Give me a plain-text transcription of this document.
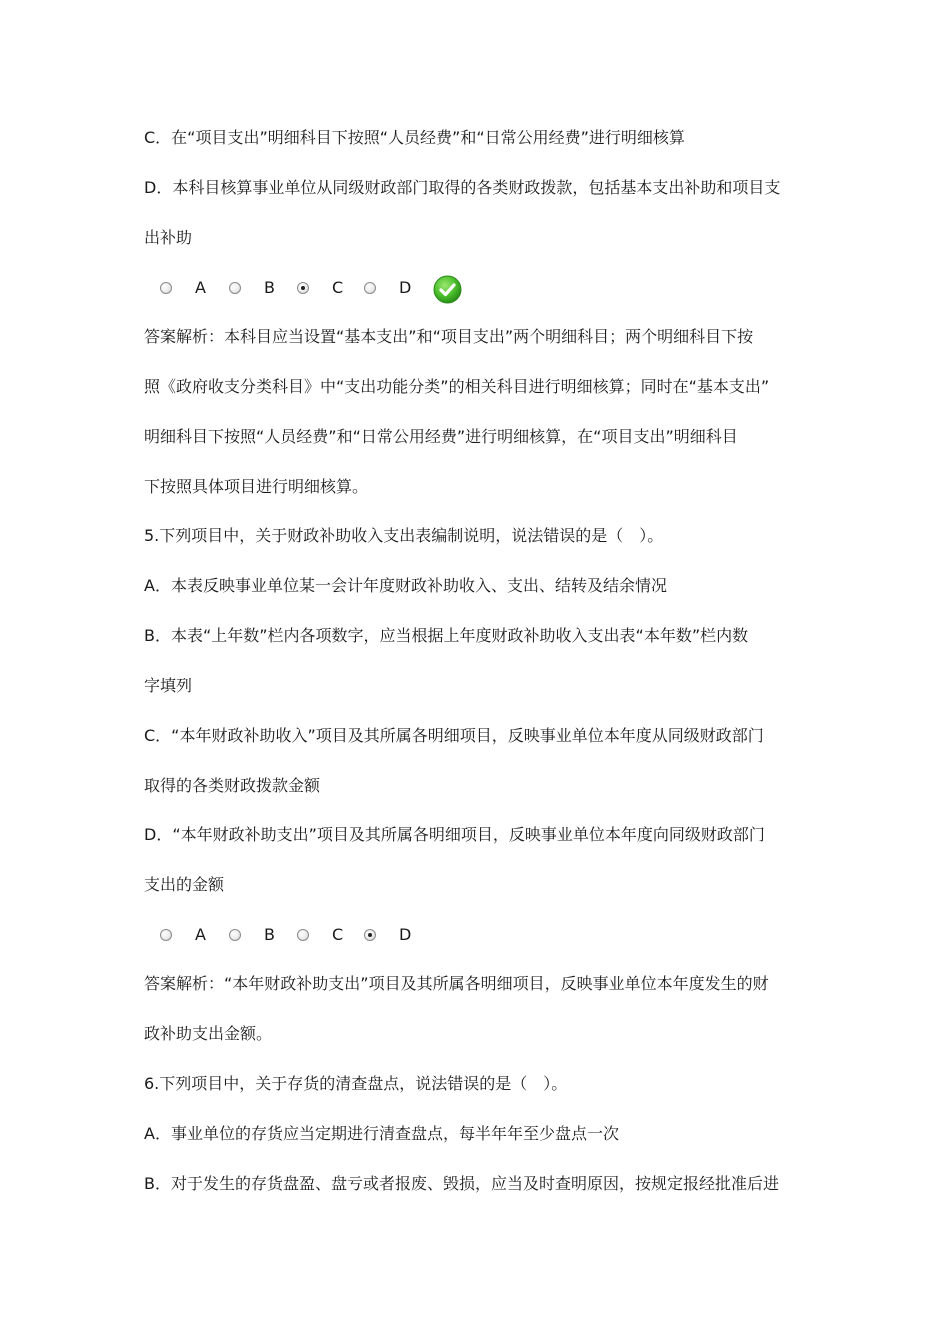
C．在“项目支出”明细科目下按照“人员经费”和“日常公用经费”进行明细核算
D．本科目核算事业单位从同级财政部门取得的各类财政拨款，包括基本支出补助和项目支
出补助
A	B	C	D
答案解析：本科目应当设置“基本支出”和“项目支出”两个明细科目；两个明细科目下按
照《政府收支分类科目》中“支出功能分类”的相关科目进行明细核算；同时在“基本支出”
明细科目下按照“人员经费”和“日常公用经费”进行明细核算，在“项目支出”明细科目
下按照具体项目进行明细核算。
5.下列项目中，关于财政补助收入支出表编制说明，说法错误的是（　）。
A．本表反映事业单位某一会计年度财政补助收入、支出、结转及结余情况
B．本表“上年数”栏内各项数字，应当根据上年度财政补助收入支出表“本年数”栏内数
字填列
C．“本年财政补助收入”项目及其所属各明细项目，反映事业单位本年度从同级财政部门
取得的各类财政拨款金额
D．“本年财政补助支出”项目及其所属各明细项目，反映事业单位本年度向同级财政部门
支出的金额
A	B	C	D
答案解析：“本年财政补助支出”项目及其所属各明细项目，反映事业单位本年度发生的财
政补助支出金额。
6.下列项目中，关于存货的清查盘点，说法错误的是（　）。
A．事业单位的存货应当定期进行清查盘点，每半年年至少盘点一次
B．对于发生的存货盘盈、盘亏或者报废、毁损，应当及时查明原因，按规定报经批准后进
